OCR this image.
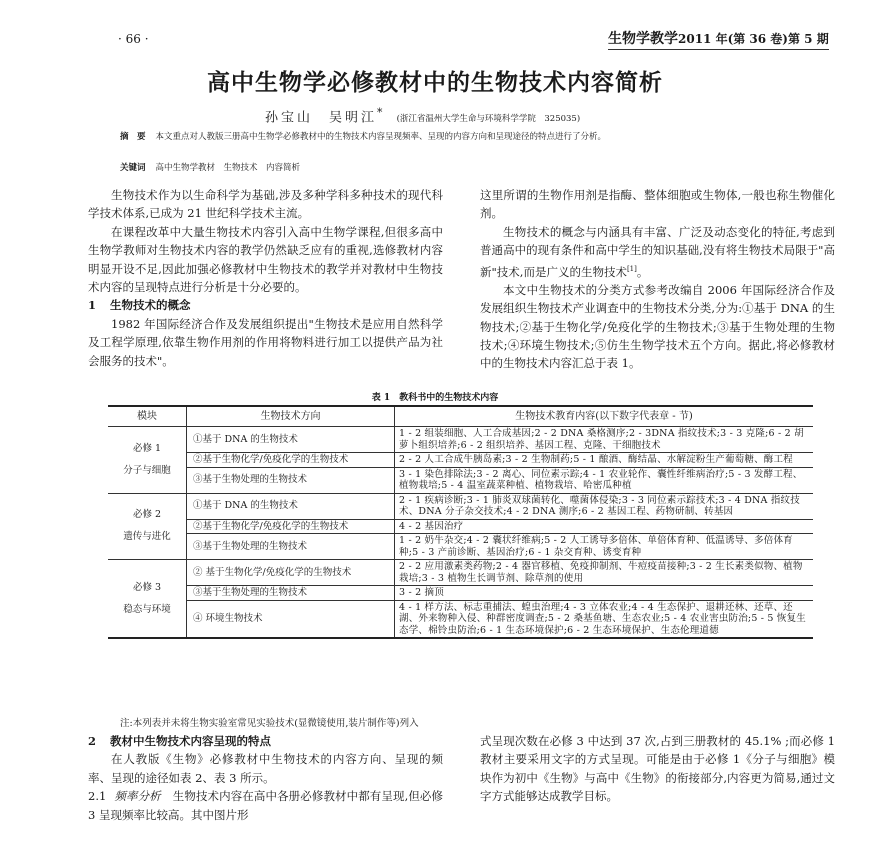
· 66 ·	生物学教学2011 年(第 36 卷)第 5 期
高中生物学必修教材中的生物技术内容简析
孙宝山　吴明江* (浙江省温州大学生命与环境科学学院　325035)
摘　要 本文重点对人教版三册高中生物学必修教材中的生物技术内容呈现频率、呈现的内容方向和呈现途径的特点进行了分析。
关键词 高中生物学教材　生物技术　内容简析

生物技术作为以生命科学为基础,涉及多种学科多种技术的现代科学技术体系,已成为 21 世纪科学技术主流。

在课程改革中大量生物技术内容引入高中生物学课程,但很多高中生物学教师对生物技术内容的教学仍然缺乏应有的重视,选修教材内容明显开设不足,因此加强必修教材中生物技术的教学并对教材中生物技术内容的呈现特点进行分析是十分必要的。

1 生物技术的概念

1982 年国际经济合作及发展组织提出"生物技术是应用自然科学及工程学原理,依靠生物作用剂的作用将物料进行加工以提供产品为社会服务的技术"。

这里所谓的生物作用剂是指酶、整体细胞或生物体,一般也称生物催化剂。

生物技术的概念与内涵具有丰富、广泛及动态变化的特征,考虑到普通高中的现有条件和高中学生的知识基础,没有将生物技术局限于"高新"技术,而是广义的生物技术[1]。

本文中生物技术的分类方式参考改编自 2006 年国际经济合作及发展组织生物技术产业调查中的生物技术分类,分为:①基于 DNA 的生物技术;②基于生物化学/免疫化学的生物技术;③基于生物处理的生物技术;④环境生物技术;⑤仿生生物学技术五个方向。据此,将必修教材中的生物技术内容汇总于表 1。

表 1　教科书中的生物技术内容
模块	生物技术方向	生物技术教育内容(以下数字代表章 - 节)
必修 1
分子与细胞	①基于 DNA 的生物技术	1 - 2 组装细胞、人工合成基因;2 - 2 DNA 桑格测序;2 - 3DNA 指纹技术;3 - 3 克隆;6 - 2 胡萝卜组织培养;6 - 2 组织培养、基因工程、克隆、干细胞技术
	②基于生物化学/免疫化学的生物技术	2 - 2 人工合成牛胰岛素;3 - 2 生物制药;5 - 1 酿酒、酶结晶、水解淀粉生产葡萄糖、酶工程
	③基于生物处理的生物技术	3 - 1 染色排除法;3 - 2 离心、同位素示踪;4 - 1 农业轮作、囊性纤维病治疗;5 - 3 发酵工程、植物栽培;5 - 4 温室蔬菜种植、植物栽培、哈密瓜种植
必修 2
遗传与进化	①基于 DNA 的生物技术	2 - 1 疾病诊断;3 - 1 肺炎双球菌转化、噬菌体侵染;3 - 3 同位素示踪技术;3 - 4 DNA 指纹技术、DNA 分子杂交技术;4 - 2 DNA 测序;6 - 2 基因工程、药物研制、转基因
	②基于生物化学/免疫化学的生物技术	4 - 2 基因治疗
	③基于生物处理的生物技术	1 - 2 奶牛杂交;4 - 2 囊状纤维病;5 - 2 人工诱导多倍体、单倍体育种、低温诱导、多倍体育种;5 - 3 产前诊断、基因治疗;6 - 1 杂交育种、诱变育种
必修 3
稳态与环境	② 基于生物化学/免疫化学的生物技术	2 - 2 应用激素类药物;2 - 4 器官移植、免疫抑制剂、牛痘疫苗接种;3 - 2 生长素类似物、植物栽培;3 - 3 植物生长调节剂、除草剂的使用
	③基于生物处理的生物技术	3 - 2 摘顶
	④ 环境生物技术	4 - 1 样方法、标志重捕法、蝗虫治理;4 - 3 立体农业;4 - 4 生态保护、退耕还林、还草、还湖、外来物种入侵、种群密度调查;5 - 2 桑基鱼塘、生态农业;5 - 4 农业害虫防治;5 - 5 恢复生态学、棉铃虫防治;6 - 1 生态环境保护;6 - 2 生态环境保护、生态伦理道德
注:本列表并未将生物实验室常见实验技术(显微镜使用,装片制作等)列入

2 教材中生物技术内容呈现的特点

在人教版《生物》必修教材中生物技术的内容方向、呈现的频率、呈现的途径如表 2、表 3 所示。

2.1 频率分析 生物技术内容在高中各册必修教材中都有呈现,但必修 3 呈现频率比较高。其中图片形

式呈现次数在必修 3 中达到 37 次,占到三册教材的 45.1% ;而必修 1 教材主要采用文字的方式呈现。可能是由于必修 1《分子与细胞》模块作为初中《生物》与高中《生物》的衔接部分,内容更为简易,通过文字方式能够达成教学目标。
